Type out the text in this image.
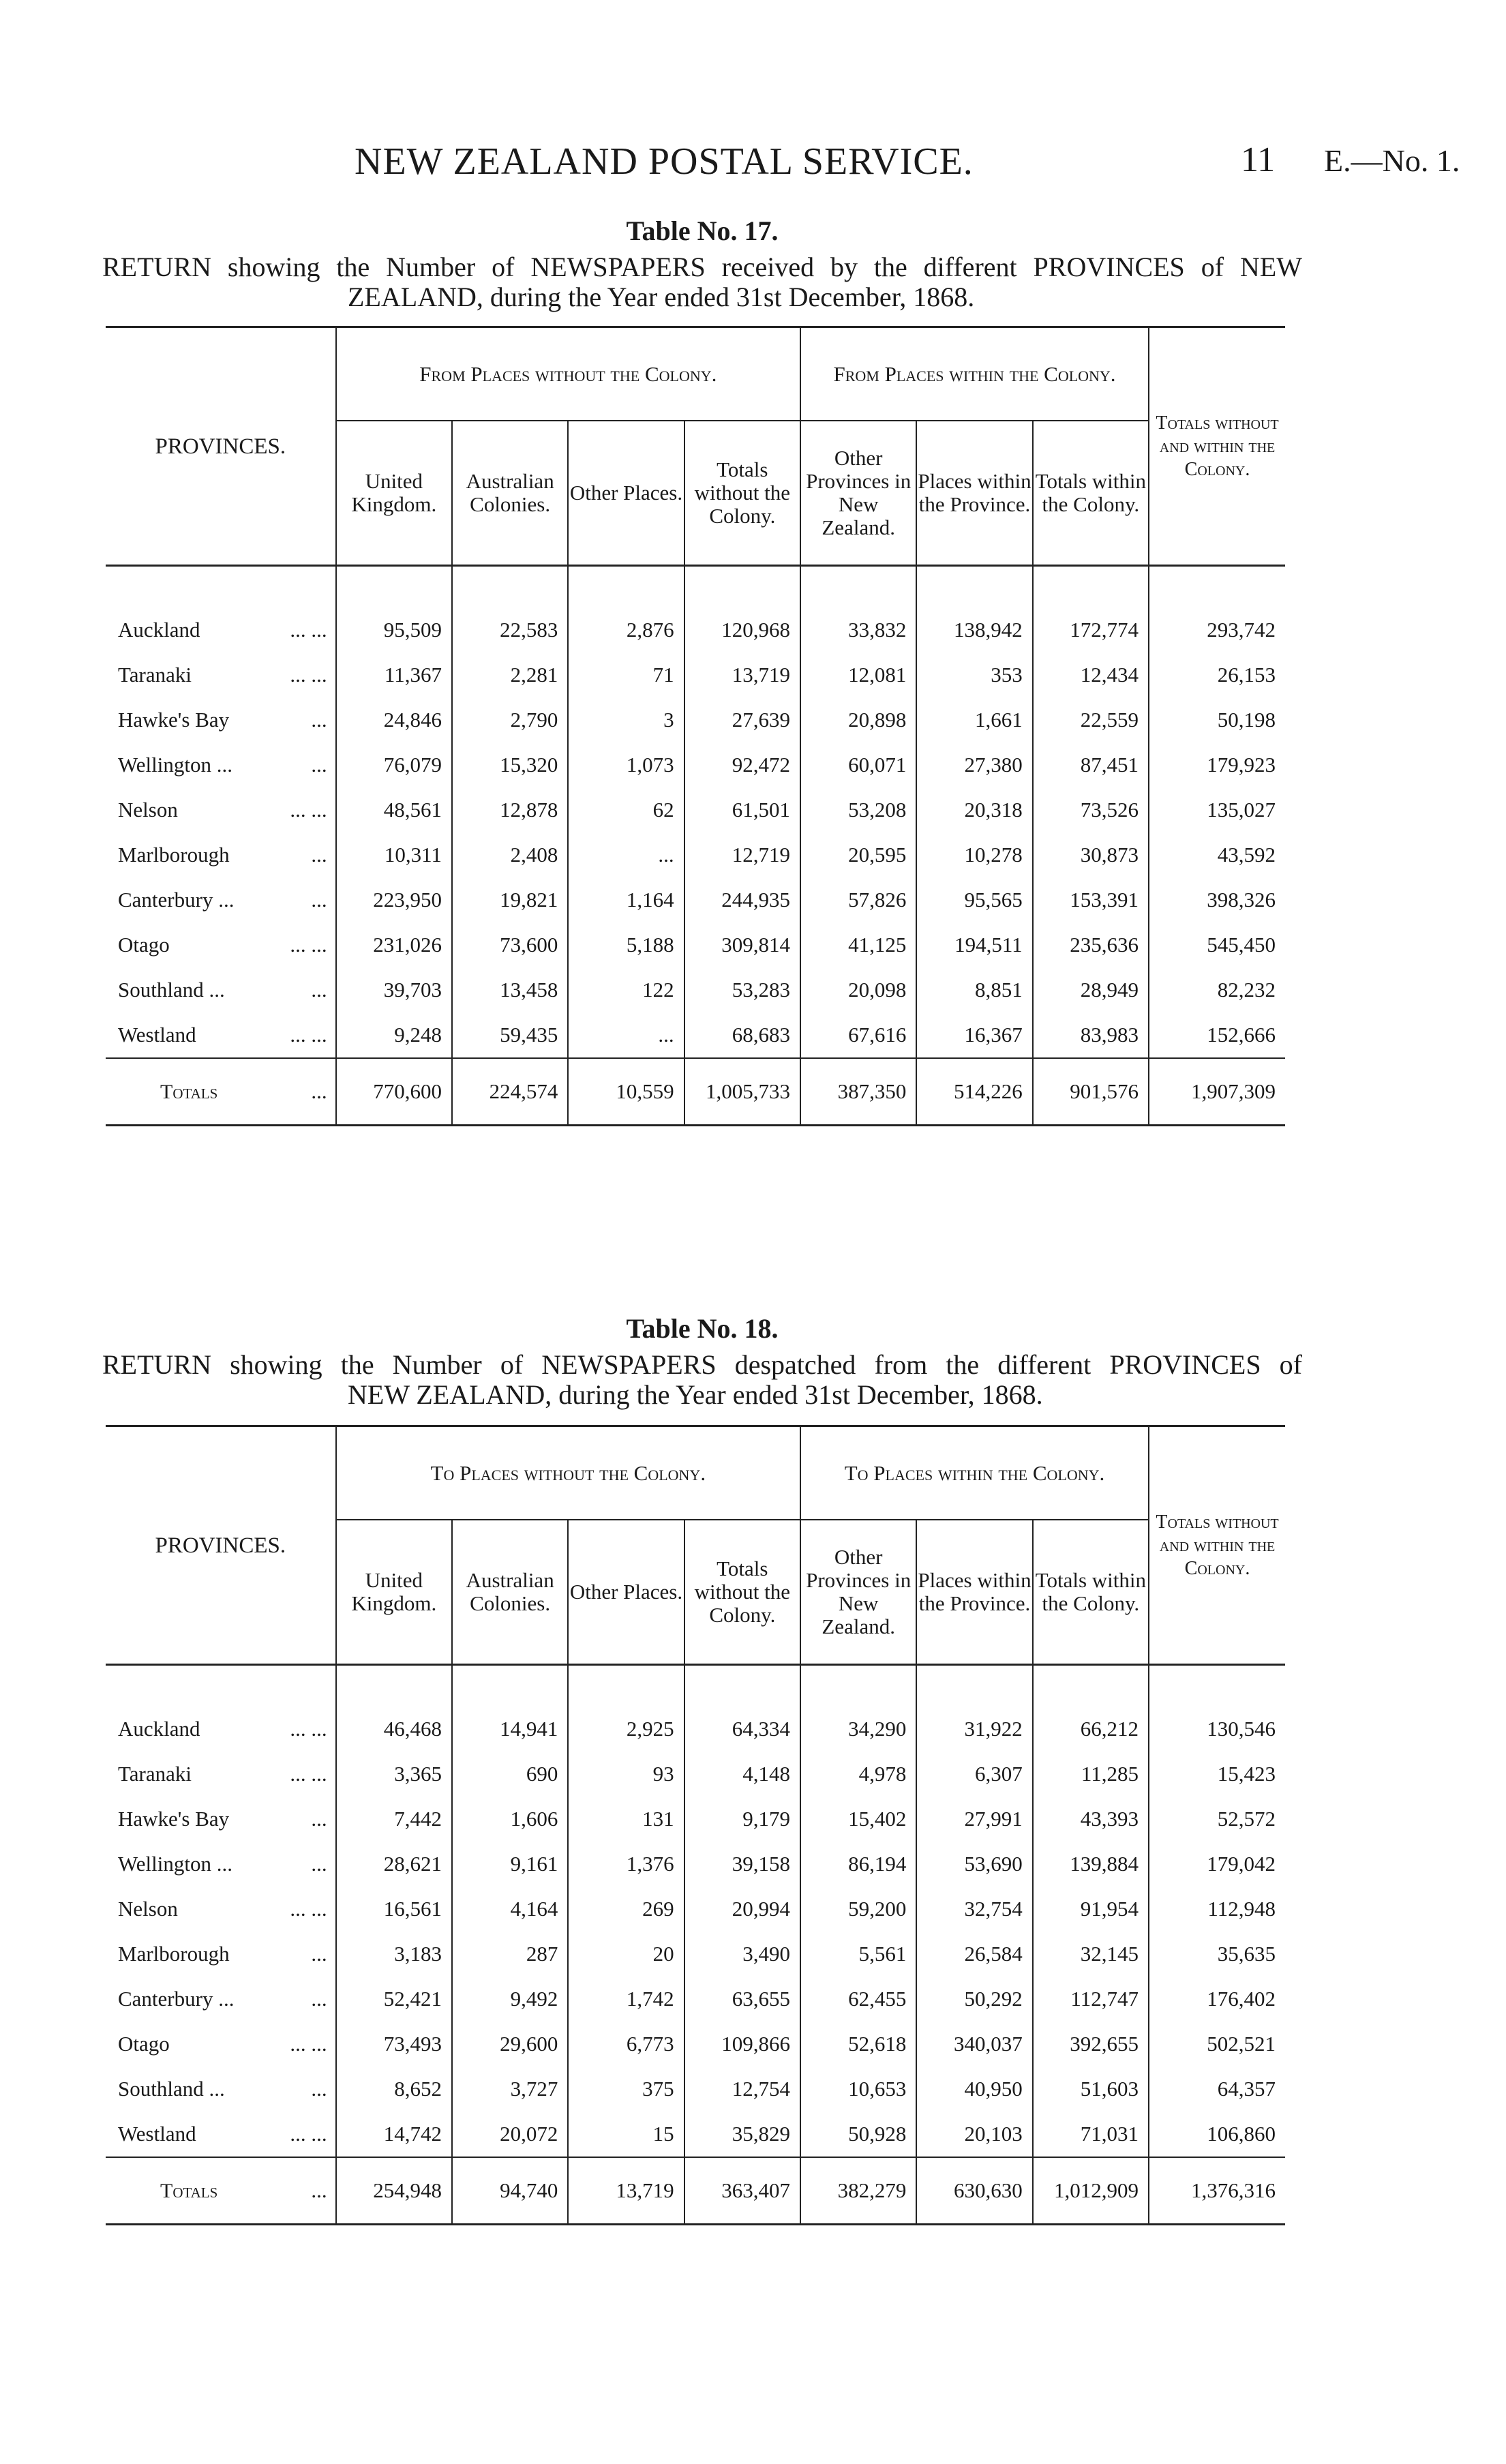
NEW ZEALAND POSTAL SERVICE.	11 E.—No. 1.
Table No. 17.
RETURN showing the Number of NEWSPAPERS received by the different PROVINCES of NEW
ZEALAND, during the Year ended 31st December, 1868.
PROVINCES.	From Places without the Colony.				From Places within the Colony.			Totals without and within the Colony.
	United Kingdom.	Australian Colonies.	Other Places.	Totals without the Colony.	Other Provinces in New Zealand.	Places within the Province.	Totals within the Colony.	

Auckland ... ...	95,509	22,583	2,876	120,968	33,832	138,942	172,774	293,742
Taranaki ... ...	11,367	2,281	71	13,719	12,081	353	12,434	26,153
Hawke's Bay ...	24,846	2,790	3	27,639	20,898	1,661	22,559	50,198
Wellington ... ...	76,079	15,320	1,073	92,472	60,071	27,380	87,451	179,923
Nelson ... ...	48,561	12,878	62	61,501	53,208	20,318	73,526	135,027
Marlborough ...	10,311	2,408	...	12,719	20,595	10,278	30,873	43,592
Canterbury ... ...	223,950	19,821	1,164	244,935	57,826	95,565	153,391	398,326
Otago ... ...	231,026	73,600	5,188	309,814	41,125	194,511	235,636	545,450
Southland ... ...	39,703	13,458	122	53,283	20,098	8,851	28,949	82,232
Westland ... ...	9,248	59,435	...	68,683	67,616	16,367	83,983	152,666
Totals ...	770,600	224,574	10,559	1,005,733	387,350	514,226	901,576	1,907,309
Table No. 18.
RETURN showing the Number of NEWSPAPERS despatched from the different PROVINCES of
NEW ZEALAND, during the Year ended 31st December, 1868.
PROVINCES.	To Places without the Colony.				To Places within the Colony.			Totals without and within the Colony.
	United Kingdom.	Australian Colonies.	Other Places.	Totals without the Colony.	Other Provinces in New Zealand.	Places within the Province.	Totals within the Colony.	

Auckland ... ...	46,468	14,941	2,925	64,334	34,290	31,922	66,212	130,546
Taranaki ... ...	3,365	690	93	4,148	4,978	6,307	11,285	15,423
Hawke's Bay ...	7,442	1,606	131	9,179	15,402	27,991	43,393	52,572
Wellington ... ...	28,621	9,161	1,376	39,158	86,194	53,690	139,884	179,042
Nelson ... ...	16,561	4,164	269	20,994	59,200	32,754	91,954	112,948
Marlborough ...	3,183	287	20	3,490	5,561	26,584	32,145	35,635
Canterbury ... ...	52,421	9,492	1,742	63,655	62,455	50,292	112,747	176,402
Otago ... ...	73,493	29,600	6,773	109,866	52,618	340,037	392,655	502,521
Southland ... ...	8,652	3,727	375	12,754	10,653	40,950	51,603	64,357
Westland ... ...	14,742	20,072	15	35,829	50,928	20,103	71,031	106,860
Totals ...	254,948	94,740	13,719	363,407	382,279	630,630	1,012,909	1,376,316
